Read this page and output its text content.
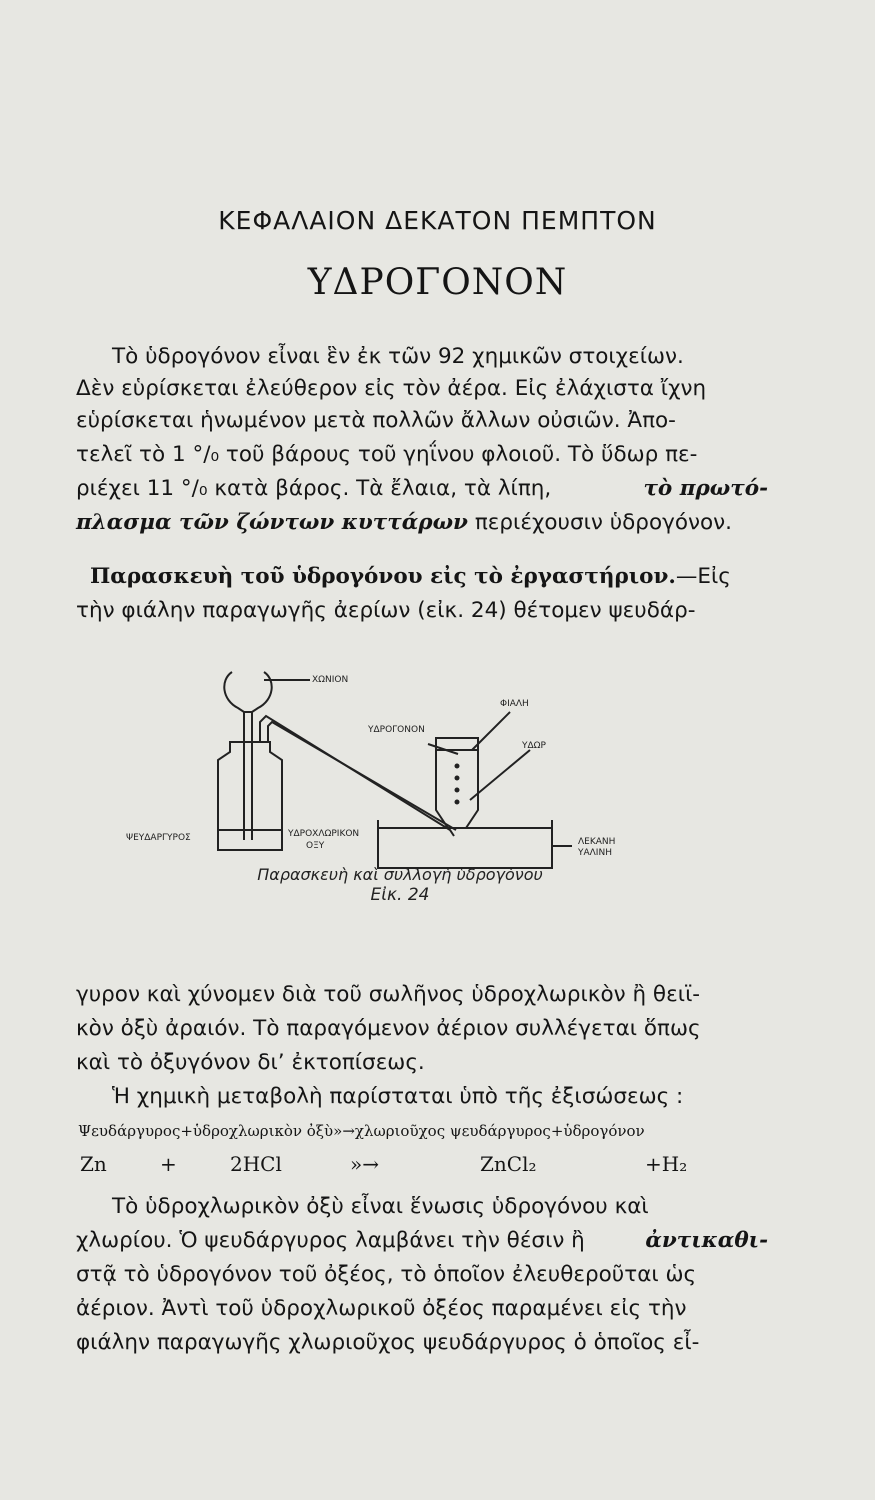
ΚΕΦΑΛΑΙΟΝ ΔΕΚΑΤΟΝ ΠΕΜΠΤΟΝ
ΥΔΡΟΓΟΝΟΝ
Τὸ ὑδρογόνον εἶναι ἓν ἐκ τῶν 92 χημικῶν στοιχείων.
Δὲν εὑρίσκεται ἐλεύθερον εἰς τὸν ἀέρα. Εἰς ἐλάχιστα ἴχνη
εὑρίσκεται ἡνωμένον μετὰ πολλῶν ἄλλων οὐσιῶν. Ἀπο-
τελεῖ τὸ 1 °/₀ τοῦ βάρους τοῦ γηΐνου φλοιοῦ. Τὸ ὕδωρ πε-
ριέχει 11 °/₀ κατὰ βάρος. Τὰ ἔλαια, τὰ λίπη,	τὸ πρωτό-
πλασμα τῶν ζώντων κυττάρων περιέχουσιν ὑδρογόνον.
Παρασκευὴ τοῦ ὑδρογόνου εἰς τὸ ἐργαστήριον.—Εἰς
τὴν φιάλην παραγωγῆς ἀερίων (εἰκ. 24) θέτομεν ψευδάρ-
ΧΩΝΙΟΝ
ΥΔΡΟΓΟΝΟΝ
ΦΙΑΛΗ
ΥΔΩΡ
ΨΕΥΔΑΡΓΥΡΟΣ	ΥΔΡΟΧΛΩΡΙΚΟΝ
ΟΞΥ	ΛΕΚΑΝΗ
ΥΑΛΙΝΗ
Παρασκευὴ καὶ συλλογὴ ὑδρογόνου
Εἰκ. 24
γυρον καὶ χύνομεν διὰ τοῦ σωλῆνος ὑδροχλωρικὸν ἢ θειϊ-
κὸν ὀξὺ ἀραιόν. Τὸ παραγόμενον ἀέριον συλλέγεται ὅπως
καὶ τὸ ὀξυγόνον δι’ ἐκτοπίσεως.
Ἡ χημικὴ μεταβολὴ παρίσταται ὑπὸ τῆς ἐξισώσεως :
Ψευδάργυρος+ὑδροχλωρικὸν ὀξὺ»→χλωριοῦχος ψευδάργυρος+ὑδρογόνον
Zn	+	2HCl	»→	ZnCl₂	+H₂
Τὸ ὑδροχλωρικὸν ὀξὺ εἶναι ἕνωσις ὑδρογόνου καὶ
χλωρίου. Ὁ ψευδάργυρος λαμβάνει τὴν θέσιν ἢ	ἀντικαθι-
στᾷ τὸ ὑδρογόνον τοῦ ὀξέος, τὸ ὁποῖον ἐλευθεροῦται ὡς
ἀέριον. Ἀντὶ τοῦ ὑδροχλωρικοῦ ὀξέος παραμένει εἰς τὴν
φιάλην παραγωγῆς χλωριοῦχος ψευδάργυρος ὁ ὁποῖος εἶ-
